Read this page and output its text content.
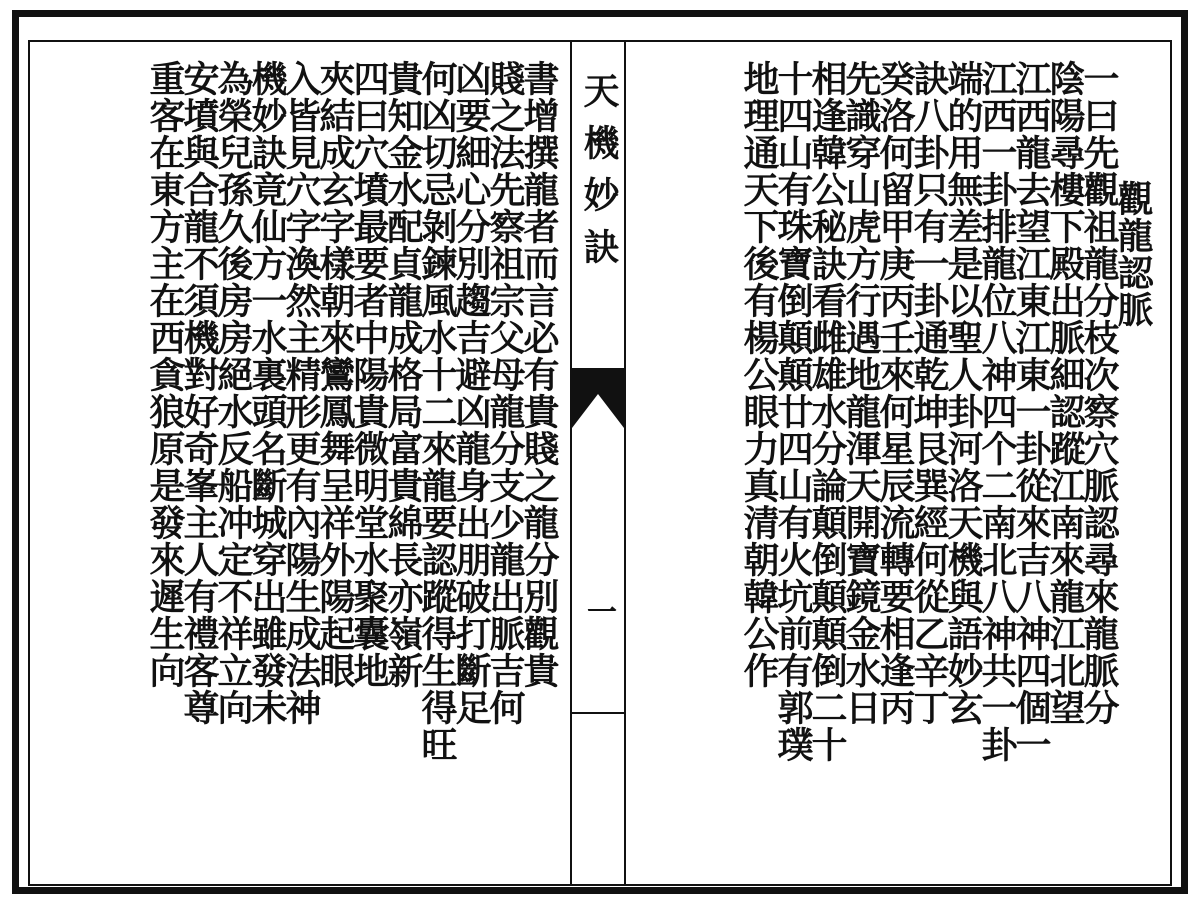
天機妙訣
一
觀龍認脈
一曰先觀祖龍分枝次察穴脈認尋來龍脈分
陰陽尋樓下殿出脈細認蹤江南來龍江北望
江西龍去望江東江東一卦從來吉八神四個一
江西一卦排龍位八神四个二南北八神共一卦
端的用無差是以聖人卦河洛天機與語妙玄
訣八卦只有一卦通乾坤艮巽經何從乙辛丁
癸洛何留甲庚丙壬來何星辰流轉要相逢丙
先識穿山虎方行遇地龍渾天開寶鏡金水日
相逢韓公秘訣看雌雄水分論顛倒顛顛倒二十
十四山有珠寶倒顛顛廿四山有火坑前有郭璞
地理通天下後有楊公眼力真清朝韓公作
書增撰龍者而言必有貴賤之龍分別觀貴
賤之法先察祖宗父母龍分支少龍出脈吉何
凶要細心分別趨吉避凶龍身出朋破打斷足
何凶切忌剝鍊風水十二來龍要認蹤得生得旺
貴知金水配貞龍成格局富貴綿長亦嶺新
四曰穴墳最要者中陽貴微明堂水聚囊地
夾結成玄字樣朝來鸞鳳舞呈祥外陽起眼
入皆見穴字渙然主精形更有內陽生成法神
機妙訣竟仙方一水裏頭名斷城穿出雖發未
為榮兒孫久後房房絕水反船冲定不祥立向
安墳與合龍不須機對好奇峯主人有禮客尊
重客在東方主在西貪狼原是發來遲生向
